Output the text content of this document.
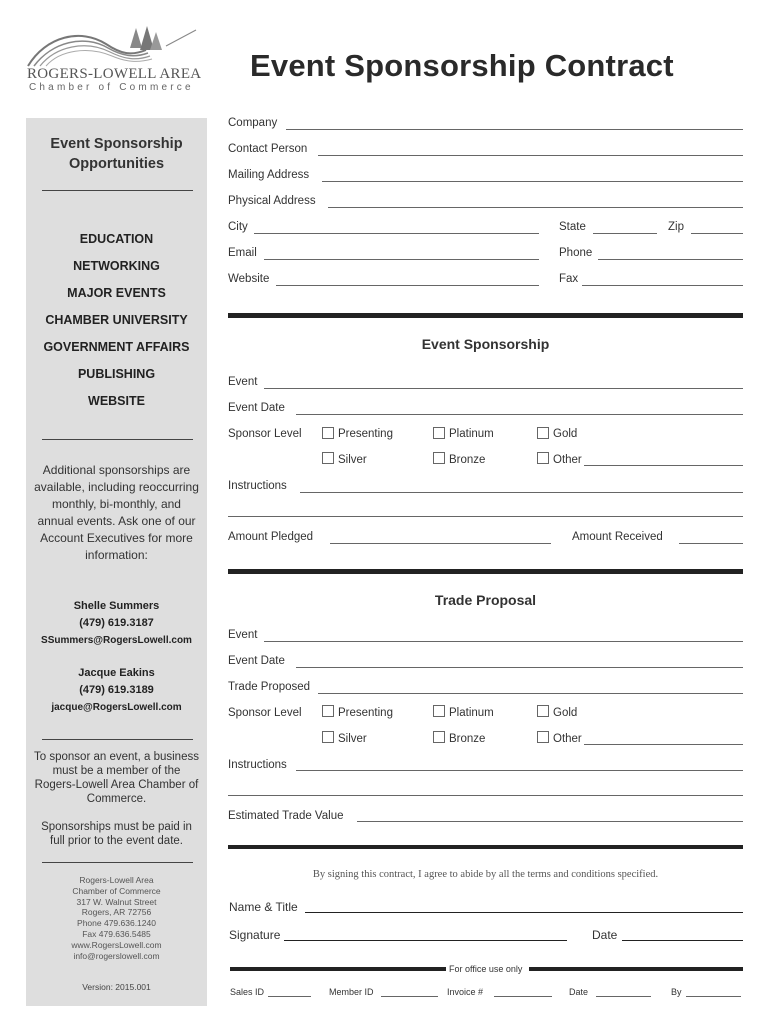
ROGERS-LOWELL AREA
Chamber of Commerce
Event Sponsorship Contract
Event Sponsorship
Opportunities
EDUCATION
NETWORKING
MAJOR EVENTS
CHAMBER UNIVERSITY
GOVERNMENT AFFAIRS
PUBLISHING
WEBSITE
Additional sponsorships are available, including reoccurring monthly, bi-monthly, and annual events. Ask one of our Account Executives for more information:
Shelle Summers
(479) 619.3187
SSummers@RogersLowell.com
Jacque Eakins
(479) 619.3189
jacque@RogersLowell.com
To sponsor an event, a business must be a member of the Rogers-Lowell Area Chamber of Commerce.
Sponsorships must be paid in full prior to the event date.
Rogers-Lowell Area
Chamber of Commerce
317 W. Walnut Street
Rogers, AR 72756
Phone 479.636.1240
Fax 479.636.5485
www.RogersLowell.com
info@rogerslowell.com
Version: 2015.001
Company
Contact Person
Mailing Address
Physical Address
City	State	Zip
Email	Phone
Website	Fax
Event Sponsorship
Event
Event Date
Sponsor Level	Presenting	Platinum	Gold
Silver	Bronze	Other
Instructions
Amount Pledged	Amount Received
Trade Proposal
Event
Event Date
Trade Proposed
Sponsor Level	Presenting	Platinum	Gold
Silver	Bronze	Other
Instructions
Estimated Trade Value
By signing this contract, I agree to abide by all the terms and conditions specified.
Name & Title
Signature	Date
For office use only
Sales ID	Member ID	Invoice #	Date	By
